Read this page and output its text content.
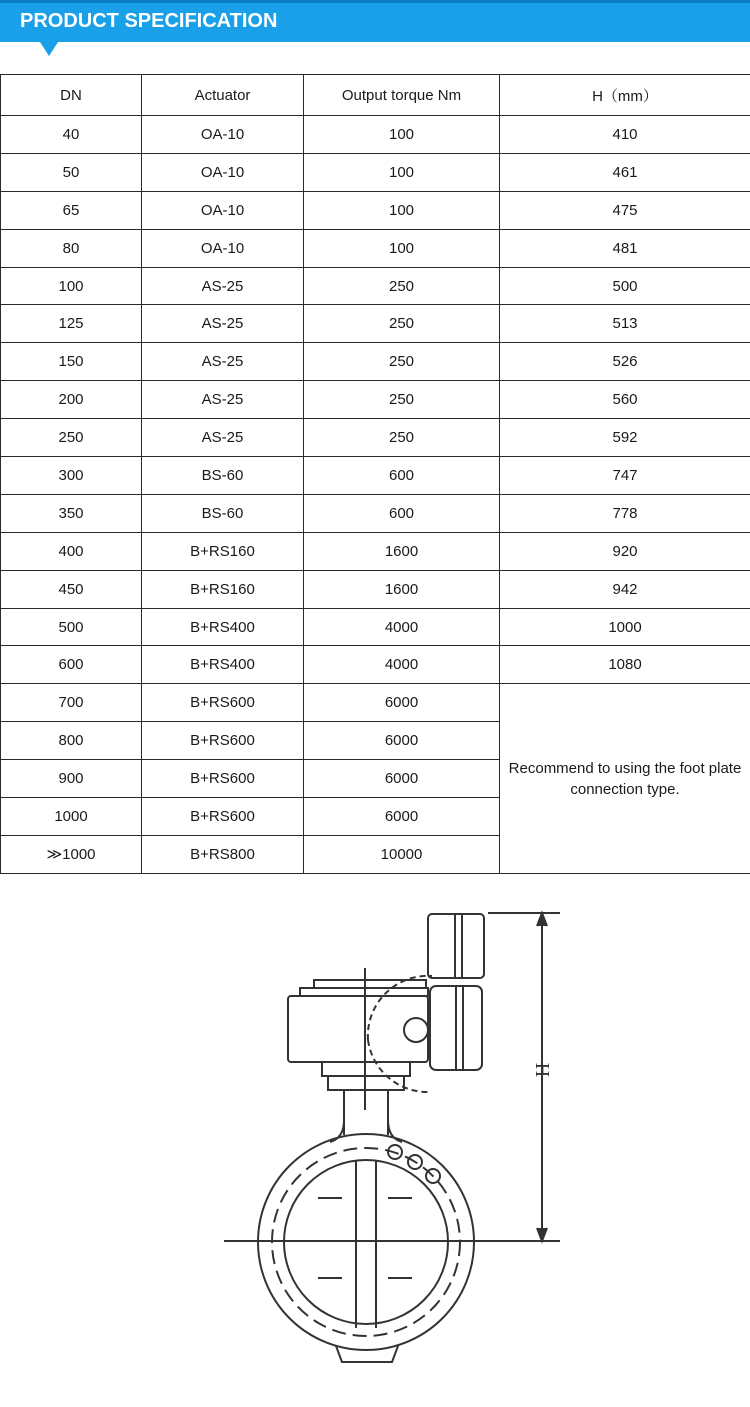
PRODUCT SPECIFICATION
DN	Actuator	Output torque Nm	H（mm）
40	OA-10	100	410
50	OA-10	100	461
65	OA-10	100	475
80	OA-10	100	481
100	AS-25	250	500
125	AS-25	250	513
150	AS-25	250	526
200	AS-25	250	560
250	AS-25	250	592
300	BS-60	600	747
350	BS-60	600	778
400	B+RS160	1600	920
450	B+RS160	1600	942
500	B+RS400	4000	1000
600	B+RS400	4000	1080
700	B+RS600	6000	Recommend to using the foot plate connection type.

800	B+RS600	6000	
900	B+RS600	6000	
1000	B+RS600	6000	
≫1000	B+RS800	10000	
H
